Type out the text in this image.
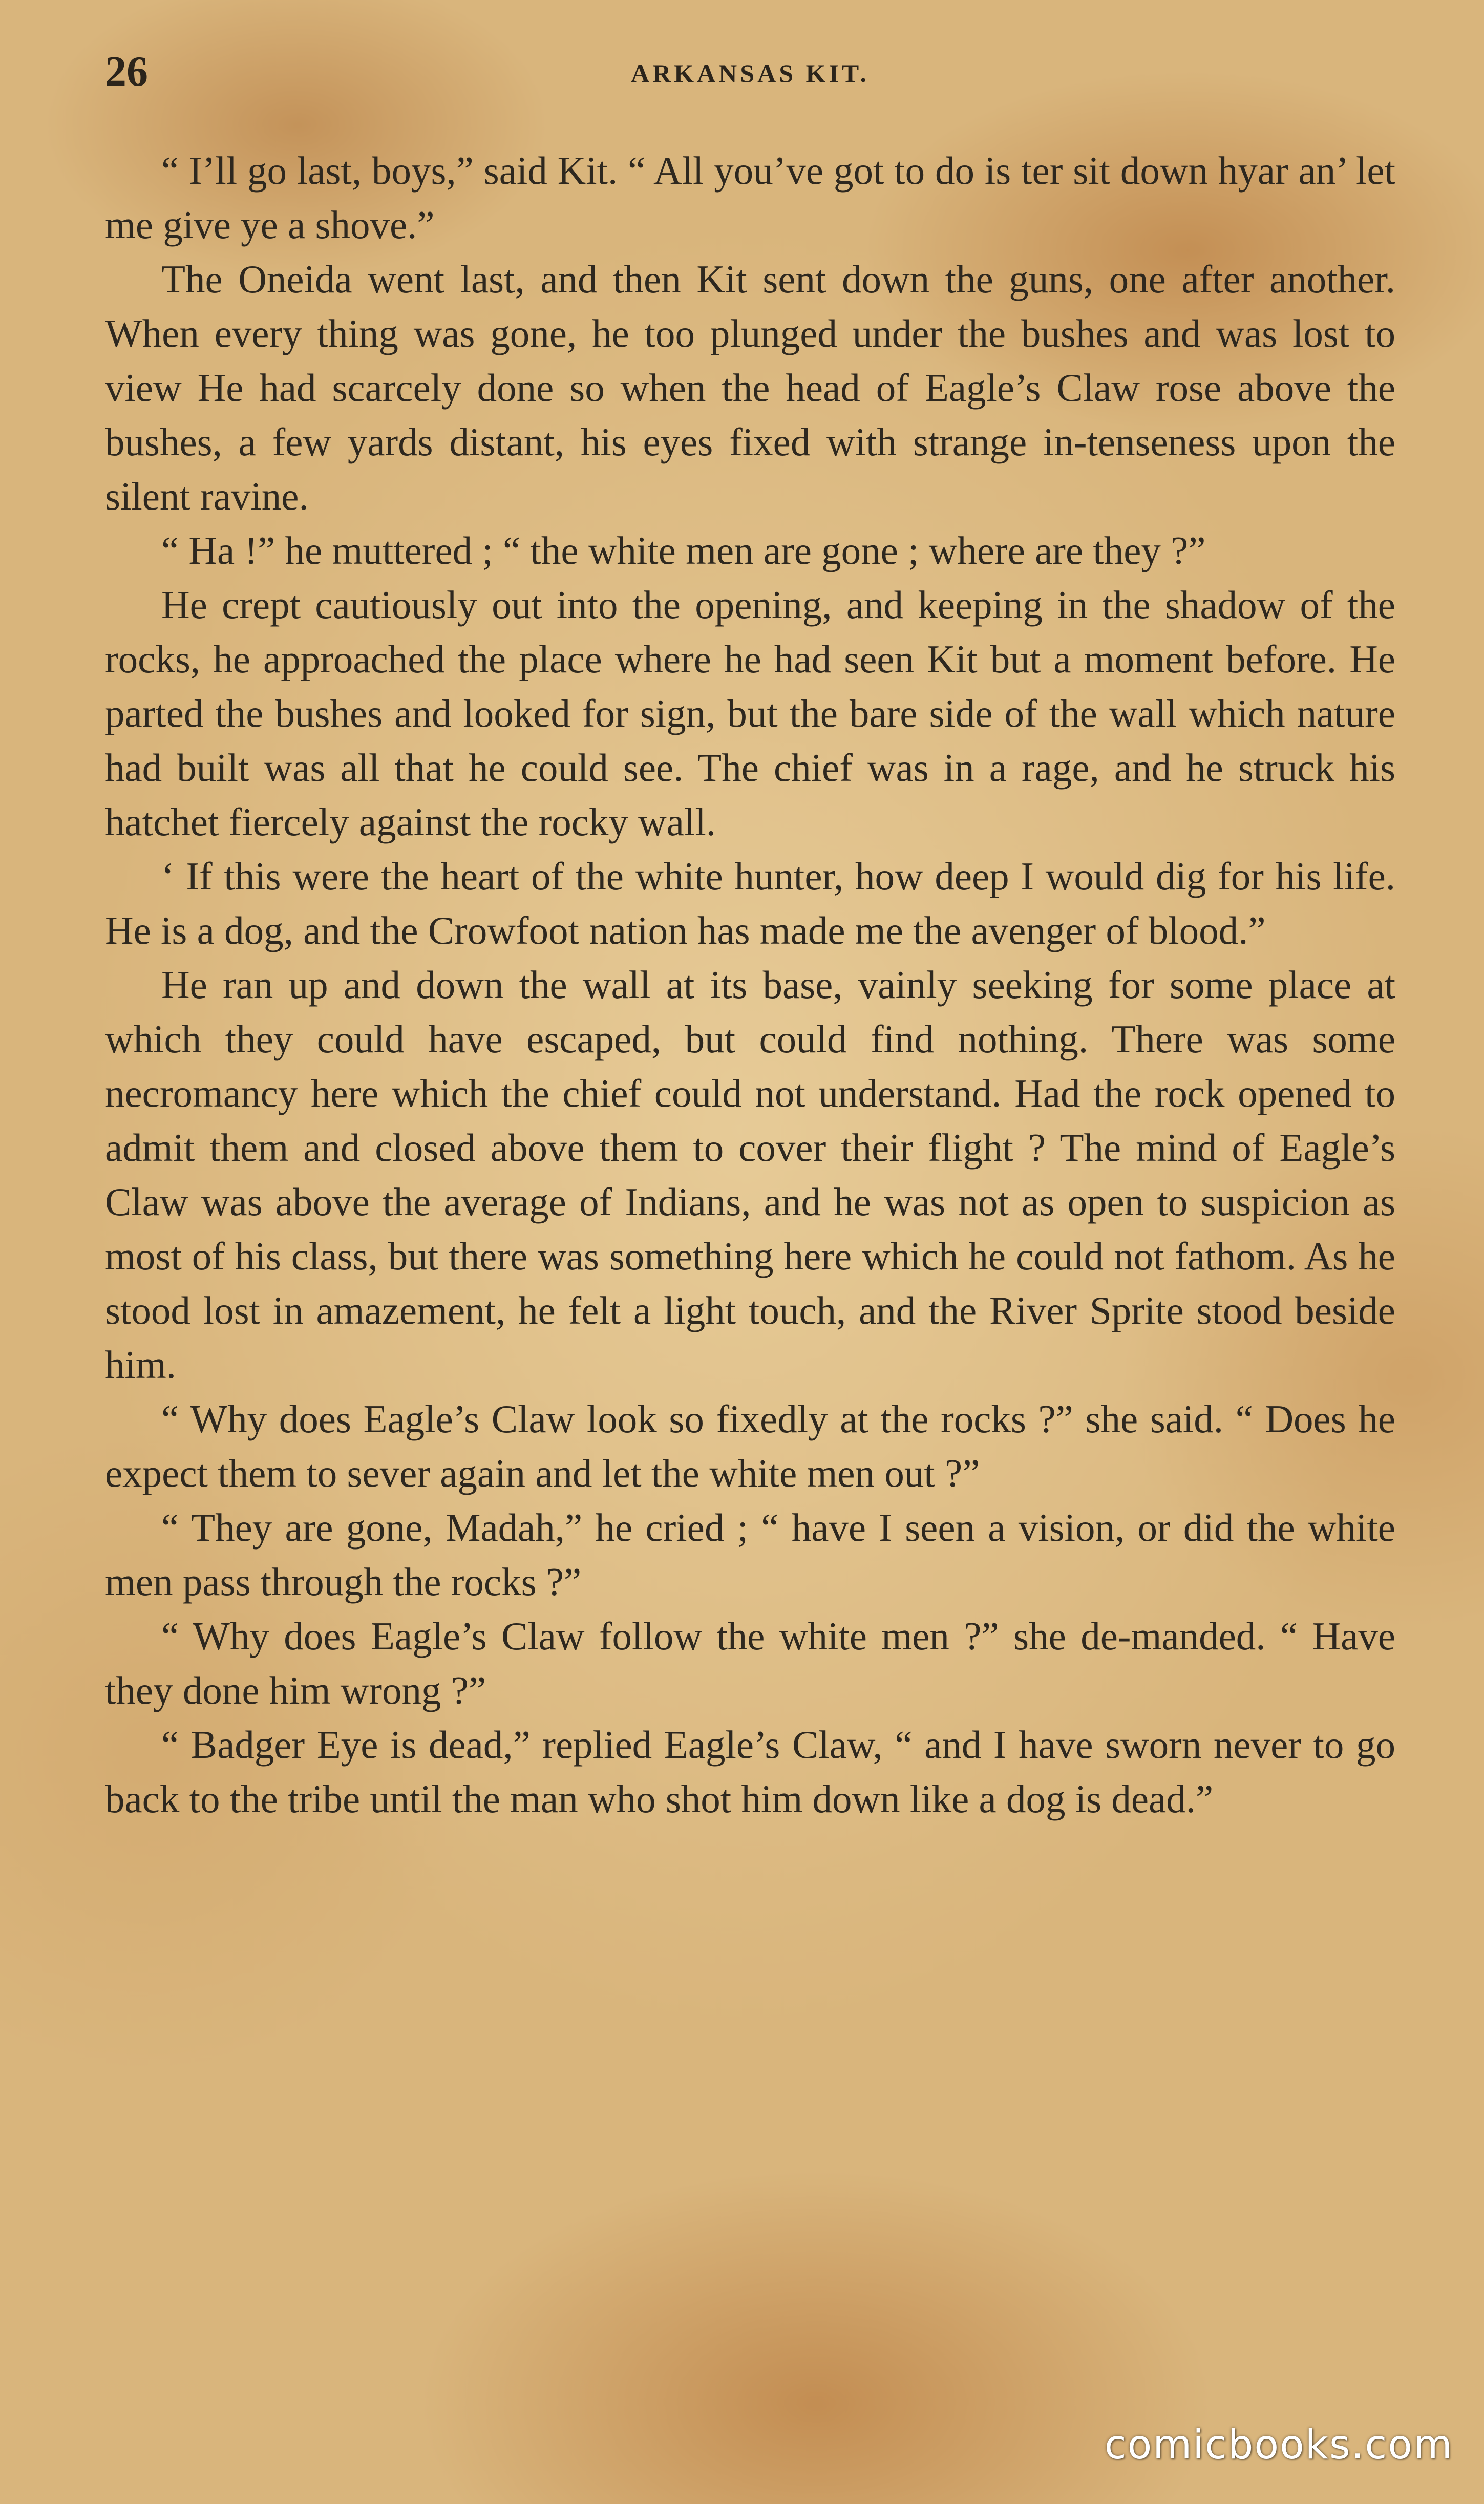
26	ARKANSAS KIT.

“ I’ll go last, boys,” said Kit. “ All you’ve got to do is ter sit down hyar an’ let me give ye a shove.”

The Oneida went last, and then Kit sent down the guns, one after another. When every thing was gone, he too plunged under the bushes and was lost to view He had scarcely done so when the head of Eagle’s Claw rose above the bushes, a few yards distant, his eyes fixed with strange in-tenseness upon the silent ravine.

“ Ha !” he muttered ; “ the white men are gone ; where are they ?”

He crept cautiously out into the opening, and keeping in the shadow of the rocks, he approached the place where he had seen Kit but a moment before. He parted the bushes and looked for sign, but the bare side of the wall which nature had built was all that he could see. The chief was in a rage, and he struck his hatchet fiercely against the rocky wall.

‘ If this were the heart of the white hunter, how deep I would dig for his life. He is a dog, and the Crowfoot nation has made me the avenger of blood.”

He ran up and down the wall at its base, vainly seeking for some place at which they could have escaped, but could find nothing. There was some necromancy here which the chief could not understand. Had the rock opened to admit them and closed above them to cover their flight ? The mind of Eagle’s Claw was above the average of Indians, and he was not as open to suspicion as most of his class, but there was something here which he could not fathom. As he stood lost in amazement, he felt a light touch, and the River Sprite stood beside him.

“ Why does Eagle’s Claw look so fixedly at the rocks ?” she said. “ Does he expect them to sever again and let the white men out ?”

“ They are gone, Madah,” he cried ; “ have I seen a vision, or did the white men pass through the rocks ?”

“ Why does Eagle’s Claw follow the white men ?” she de-manded. “ Have they done him wrong ?”

“ Badger Eye is dead,” replied Eagle’s Claw, “ and I have sworn never to go back to the tribe until the man who shot him down like a dog is dead.”

comicbooks.com
